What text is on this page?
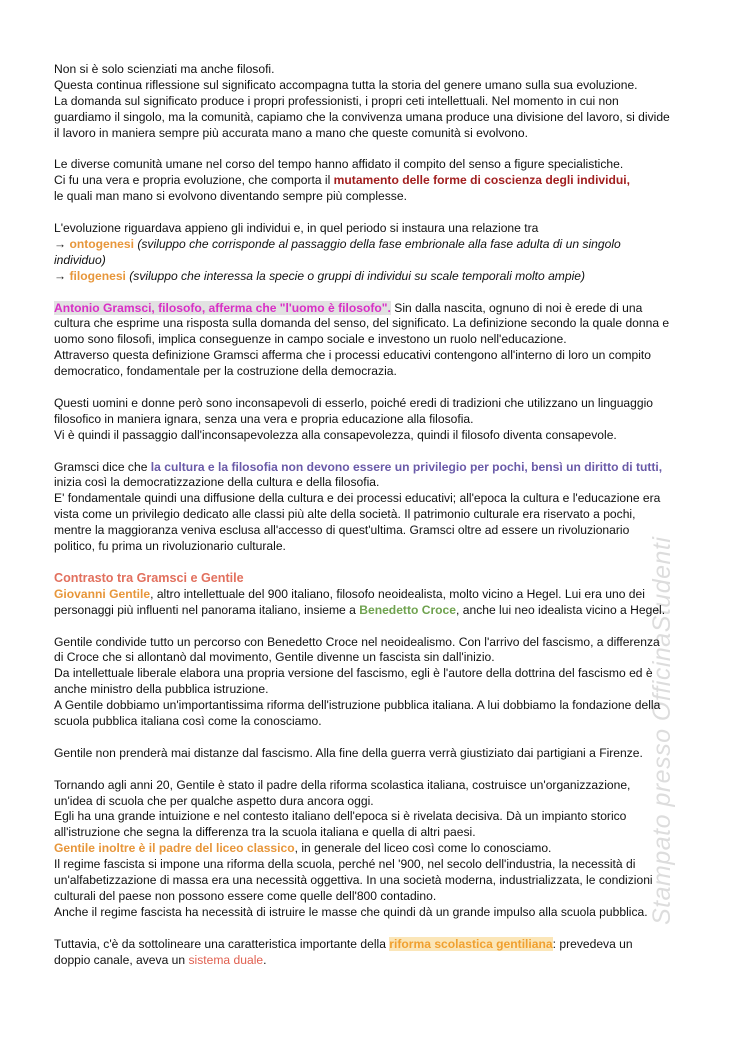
Stampato presso OfficinaStudenti

Non si è solo scienziati ma anche filosofi.
Questa continua riflessione sul significato accompagna tutta la storia del genere umano sulla sua evoluzione.
La domanda sul significato produce i propri professionisti, i propri ceti intellettuali. Nel momento in cui non
guardiamo il singolo, ma la comunità, capiamo che la convivenza umana produce una divisione del lavoro, si divide
il lavoro in maniera sempre più accurata mano a mano che queste comunità si evolvono.

Le diverse comunità umane nel corso del tempo hanno affidato il compito del senso a figure specialistiche.
Ci fu una vera e propria evoluzione, che comporta il mutamento delle forme di coscienza degli individui,
le quali man mano si evolvono diventando sempre più complesse.

L'evoluzione riguardava appieno gli individui e, in quel periodo si instaura una relazione tra
→ ontogenesi (sviluppo che corrisponde al passaggio della fase embrionale alla fase adulta di un singolo
individuo)
→ filogenesi (sviluppo che interessa la specie o gruppi di individui su scale temporali molto ampie)

Antonio Gramsci, filosofo, afferma che "l'uomo è filosofo". Sin dalla nascita, ognuno di noi è erede di una
cultura che esprime una risposta sulla domanda del senso, del significato. La definizione secondo la quale donna e
uomo sono filosofi, implica conseguenze in campo sociale e investono un ruolo nell'educazione.
Attraverso questa definizione Gramsci afferma che i processi educativi contengono all'interno di loro un compito
democratico, fondamentale per la costruzione della democrazia.

Questi uomini e donne però sono inconsapevoli di esserlo, poiché eredi di tradizioni che utilizzano un linguaggio
filosofico in maniera ignara, senza una vera e propria educazione alla filosofia.
Vi è quindi il passaggio dall'inconsapevolezza alla consapevolezza, quindi il filosofo diventa consapevole.

Gramsci dice che la cultura e la filosofia non devono essere un privilegio per pochi, bensì un diritto di tutti,
inizia così la democratizzazione della cultura e della filosofia.
E' fondamentale quindi una diffusione della cultura e dei processi educativi; all'epoca la cultura e l'educazione era
vista come un privilegio dedicato alle classi più alte della società. Il patrimonio culturale era riservato a pochi,
mentre la maggioranza veniva esclusa all'accesso di quest'ultima. Gramsci oltre ad essere un rivoluzionario
politico, fu prima un rivoluzionario culturale.

Contrasto tra Gramsci e Gentile
Giovanni Gentile, altro intellettuale del 900 italiano, filosofo neoidealista, molto vicino a Hegel. Lui era uno dei
personaggi più influenti nel panorama italiano, insieme a Benedetto Croce, anche lui neo idealista vicino a Hegel.

Gentile condivide tutto un percorso con Benedetto Croce nel neoidealismo. Con l'arrivo del fascismo, a differenza
di Croce che si allontanò dal movimento, Gentile divenne un fascista sin dall'inizio.
Da intellettuale liberale elabora una propria versione del fascismo, egli è l'autore della dottrina del fascismo ed è
anche ministro della pubblica istruzione.
A Gentile dobbiamo un'importantissima riforma dell'istruzione pubblica italiana. A lui dobbiamo la fondazione della
scuola pubblica italiana così come la conosciamo.

Gentile non prenderà mai distanze dal fascismo. Alla fine della guerra verrà giustiziato dai partigiani a Firenze.

Tornando agli anni 20, Gentile è stato il padre della riforma scolastica italiana, costruisce un'organizzazione,
un'idea di scuola che per qualche aspetto dura ancora oggi.
Egli ha una grande intuizione e nel contesto italiano dell'epoca si è rivelata decisiva. Dà un impianto storico
all'istruzione che segna la differenza tra la scuola italiana e quella di altri paesi.
Gentile inoltre è il padre del liceo classico, in generale del liceo così come lo conosciamo.
Il regime fascista si impone una riforma della scuola, perché nel '900, nel secolo dell'industria, la necessità di
un'alfabetizzazione di massa era una necessità oggettiva. In una società moderna, industrializzata, le condizioni
culturali del paese non possono essere come quelle dell'800 contadino.
Anche il regime fascista ha necessità di istruire le masse che quindi dà un grande impulso alla scuola pubblica.

Tuttavia, c'è da sottolineare una caratteristica importante della riforma scolastica gentiliana: prevedeva un
doppio canale, aveva un sistema duale.
